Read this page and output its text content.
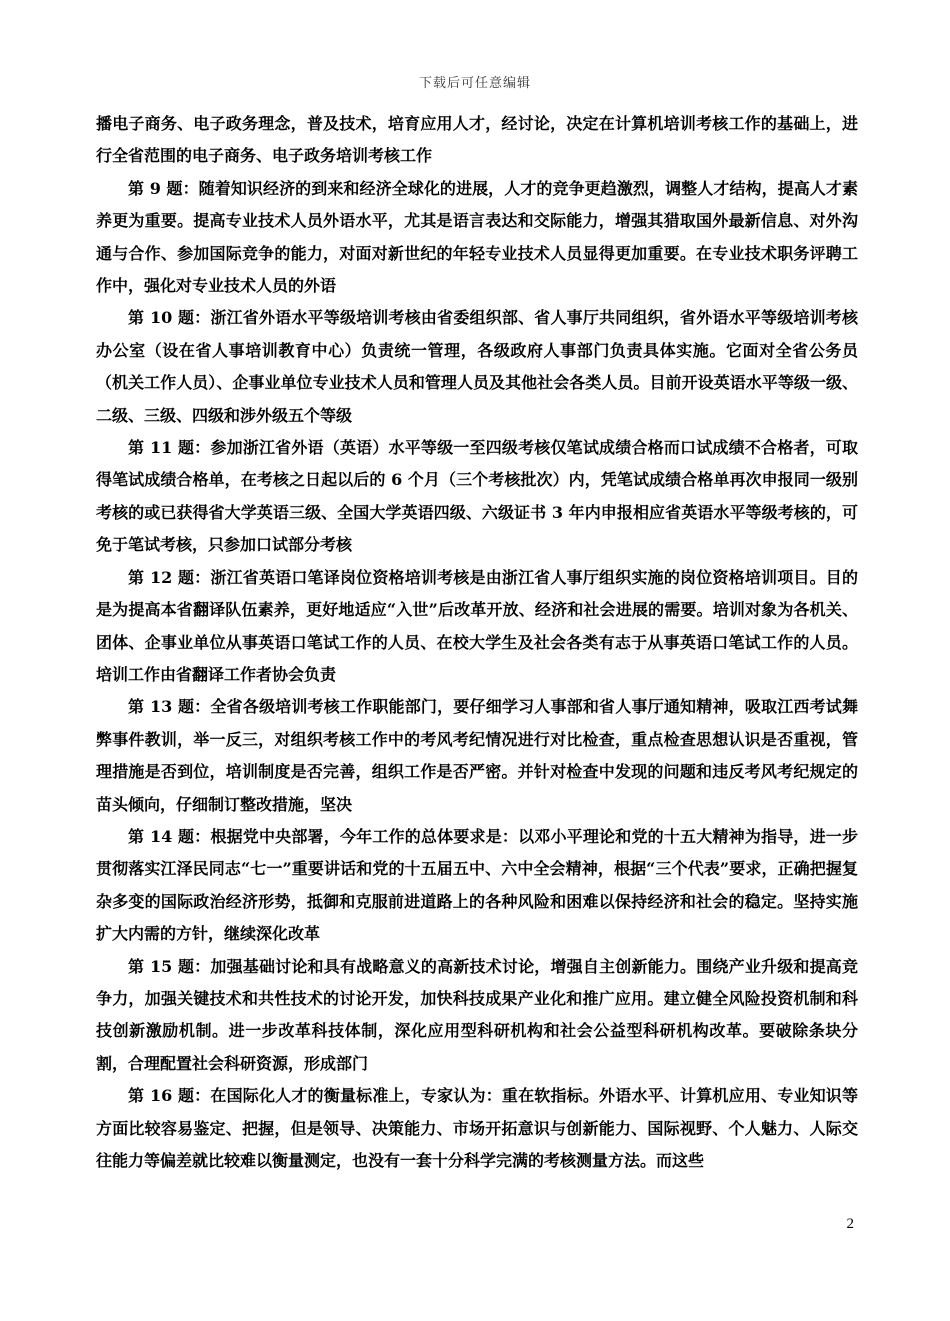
下载后可任意编辑

播电子商务、电子政务理念，普及技术，培育应用人才，经讨论，决定在计算机培训考核工作的基础上，进行全省范围的电子商务、电子政务培训考核工作

第 9 题：随着知识经济的到来和经济全球化的进展，人才的竞争更趋激烈，调整人才结构，提高人才素养更为重要。提高专业技术人员外语水平，尤其是语言表达和交际能力，增强其猎取国外最新信息、对外沟通与合作、参加国际竞争的能力，对面对新世纪的年轻专业技术人员显得更加重要。在专业技术职务评聘工作中，强化对专业技术人员的外语

第 10 题：浙江省外语水平等级培训考核由省委组织部、省人事厅共同组织，省外语水平等级培训考核办公室（设在省人事培训教育中心）负责统一管理，各级政府人事部门负责具体实施。它面对全省公务员（机关工作人员）、企事业单位专业技术人员和管理人员及其他社会各类人员。目前开设英语水平等级一级、二级、三级、四级和涉外级五个等级

第 11 题：参加浙江省外语（英语）水平等级一至四级考核仅笔试成绩合格而口试成绩不合格者，可取得笔试成绩合格单，在考核之日起以后的 6 个月（三个考核批次）内，凭笔试成绩合格单再次申报同一级别考核的或已获得省大学英语三级、全国大学英语四级、六级证书 3 年内申报相应省英语水平等级考核的，可免于笔试考核，只参加口试部分考核

第 12 题：浙江省英语口笔译岗位资格培训考核是由浙江省人事厅组织实施的岗位资格培训项目。目的是为提高本省翻译队伍素养，更好地适应“入世”后改革开放、经济和社会进展的需要。培训对象为各机关、团体、企事业单位从事英语口笔试工作的人员、在校大学生及社会各类有志于从事英语口笔试工作的人员。培训工作由省翻译工作者协会负责

第 13 题：全省各级培训考核工作职能部门，要仔细学习人事部和省人事厅通知精神，吸取江西考试舞弊事件教训，举一反三，对组织考核工作中的考风考纪情况进行对比检查，重点检查思想认识是否重视，管理措施是否到位，培训制度是否完善，组织工作是否严密。并针对检查中发现的问题和违反考风考纪规定的苗头倾向，仔细制订整改措施，坚决

第 14 题：根据党中央部署，今年工作的总体要求是：以邓小平理论和党的十五大精神为指导，进一步贯彻落实江泽民同志“七一”重要讲话和党的十五届五中、六中全会精神，根据“三个代表”要求，正确把握复杂多变的国际政治经济形势，抵御和克服前进道路上的各种风险和困难以保持经济和社会的稳定。坚持实施扩大内需的方针，继续深化改革

第 15 题：加强基础讨论和具有战略意义的高新技术讨论，增强自主创新能力。围绕产业升级和提高竞争力，加强关键技术和共性技术的讨论开发，加快科技成果产业化和推广应用。建立健全风险投资机制和科技创新激励机制。进一步改革科技体制，深化应用型科研机构和社会公益型科研机构改革。要破除条块分割，合理配置社会科研资源，形成部门

第 16 题：在国际化人才的衡量标准上，专家认为：重在软指标。外语水平、计算机应用、专业知识等方面比较容易鉴定、把握，但是领导、决策能力、市场开拓意识与创新能力、国际视野、个人魅力、人际交往能力等偏差就比较难以衡量测定，也没有一套十分科学完满的考核测量方法。而这些

2
